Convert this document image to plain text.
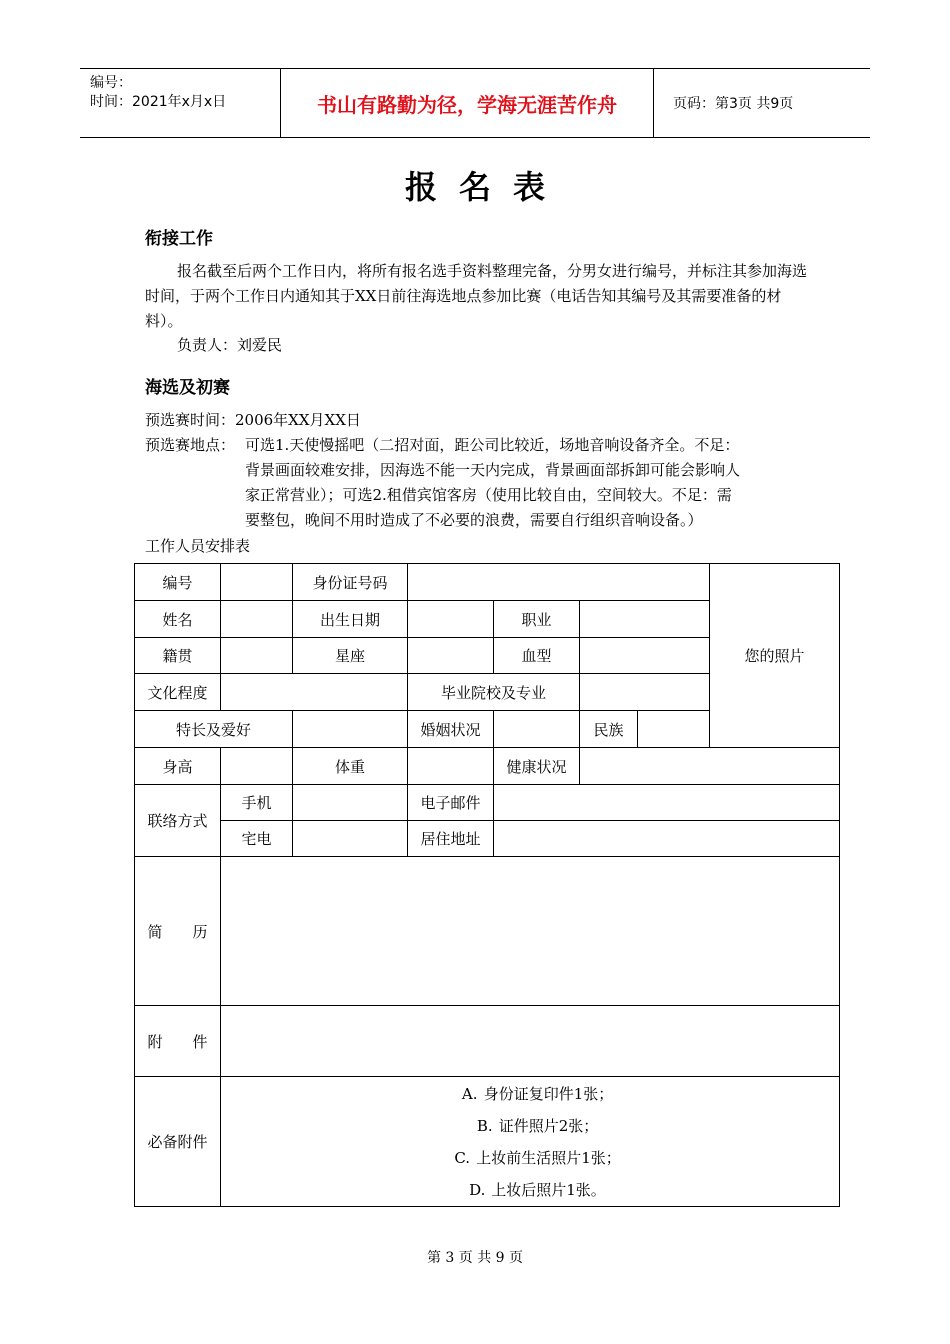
编号：
时间：2021年x月x日	书山有路勤为径，学海无涯苦作舟	页码：第3页 共9页
报名表
衔接工作
报名截至后两个工作日内，将所有报名选手资料整理完备，分男女进行编号，并标注其参加海选时间，于两个工作日内通知其于XX日前往海选地点参加比赛（电话告知其编号及其需要准备的材料）。
负责人：刘爱民
海选及初赛
预选赛时间：2006年XX月XX日
预选赛地点： 可选1.天使慢摇吧（二招对面，距公司比较近，场地音响设备齐全。不足：
背景画面较难安排，因海选不能一天内完成，背景画面部拆卸可能会影响人
家正常营业）；可选2.租借宾馆客房（使用比较自由，空间较大。不足：需
要整包，晚间不用时造成了不必要的浪费，需要自行组织音响设备。）
工作人员安排表
编号		身份证号码					您的照片
姓名		出生日期		职业			
籍贯		星座		血型			
文化程度			毕业院校及专业				
特长及爱好			婚姻状况		民族		
身高		体重		健康状况			
联络方式	手机		电子邮件				
	宅电		居住地址				
简　　历							
附　　件							
必备附件	A. 身份证复印件1张；
B. 证件照片2张；
C. 上妆前生活照片1张；
D. 上妆后照片1张。						
第 3 页 共 9 页
